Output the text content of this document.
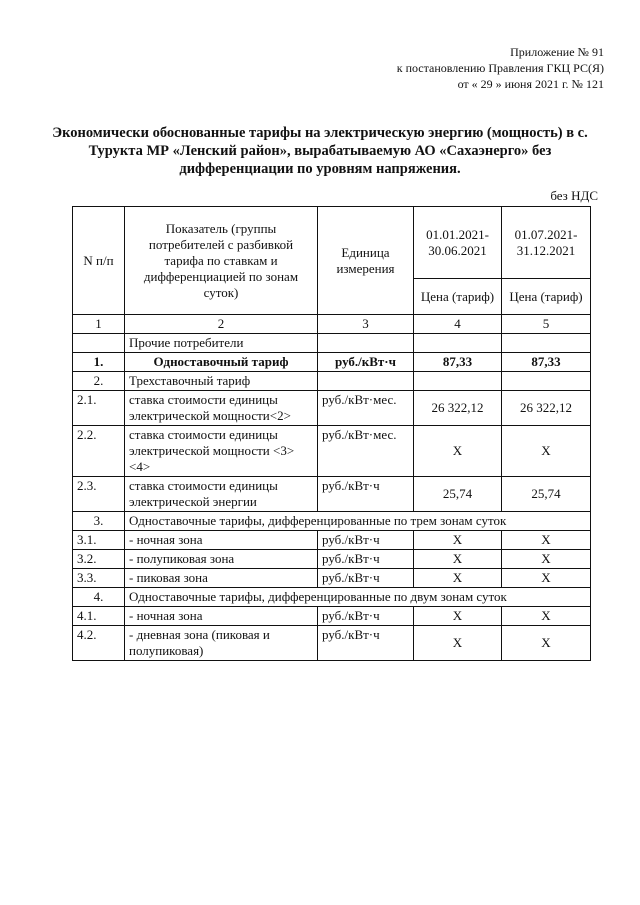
Приложение № 91
к постановлению Правления ГКЦ РС(Я)
от « 29 » июня 2021 г. № 121
Экономически обоснованные тарифы на электрическую энергию (мощность) в с. Турукта МР «Ленский район», вырабатываемую АО «Сахаэнерго» без дифференциации по уровням напряжения.
без НДС
N п/п	Показатель (группы потребителей с разбивкой тарифа по ставкам и дифференциацией по зонам суток)	Единица измерения	01.01.2021-30.06.2021	01.07.2021-31.12.2021
			Цена (тариф)	Цена (тариф)
1	2	3	4	5
	Прочие потребители			
1.	Одноставочный тариф	руб./кВт·ч	87,33	87,33
2.	Трехставочный тариф			
2.1.	ставка стоимости единицы электрической мощности<2>	руб./кВт·мес.	26 322,12	26 322,12
2.2.	ставка стоимости единицы электрической мощности <3><4>	руб./кВт·мес.	X	X
2.3.	ставка стоимости единицы электрической энергии	руб./кВт·ч	25,74	25,74
3.	Одноставочные тарифы, дифференцированные по трем зонам суток			
3.1.	- ночная зона	руб./кВт·ч	X	X
3.2.	- полупиковая зона	руб./кВт·ч	X	X
3.3.	- пиковая зона	руб./кВт·ч	X	X
4.	Одноставочные тарифы, дифференцированные по двум зонам суток			
4.1.	- ночная зона	руб./кВт·ч	X	X
4.2.	- дневная зона (пиковая и полупиковая)	руб./кВт·ч	X	X
